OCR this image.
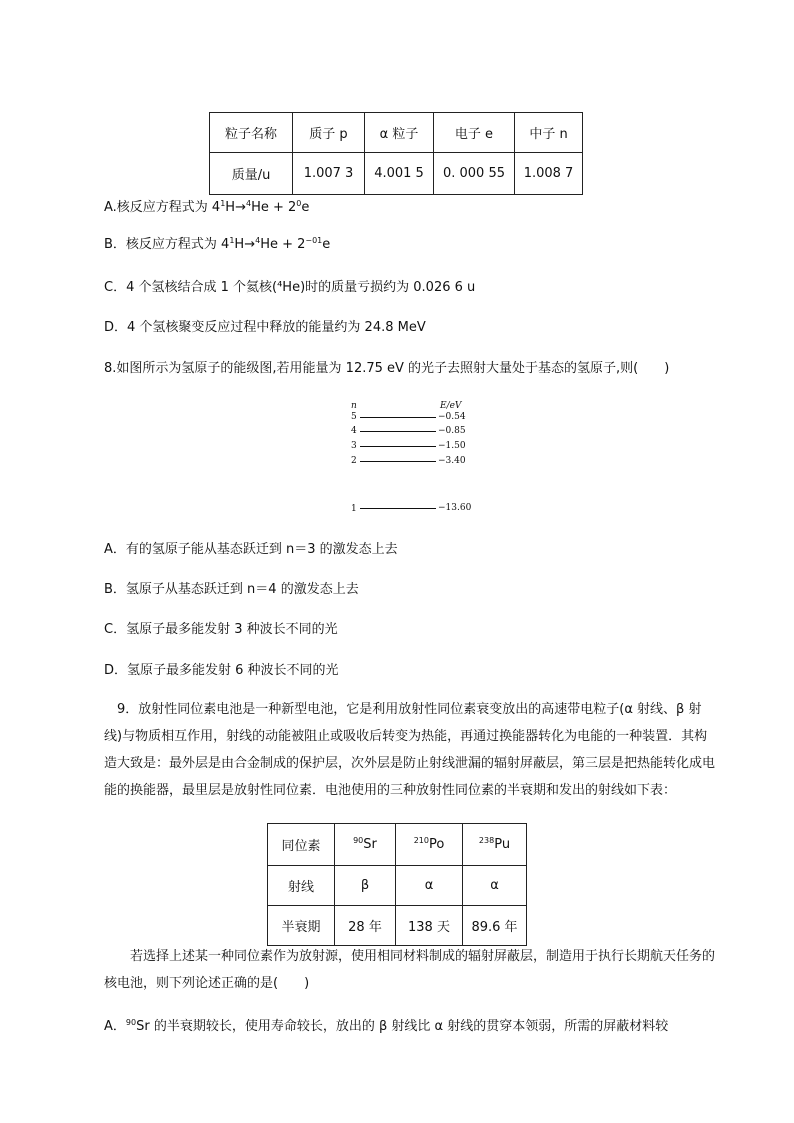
粒子名称	质子 p	α 粒子	电子 e	中子 n
质量/u	1.007 3	4.001 5	0. 000 55	1.008 7
A.核反应方程式为 $4^1H\to^4He + 2^0e$
B．核反应方程式为 $4^1H\to^4He + 2^{-01}e$
C．4 个氢核结合成 1 个氦核(⁴He)时的质量亏损约为 0.026 6 u
D．4 个氢核聚变反应过程中释放的能量约为 24.8 MeV
8.如图所示为氢原子的能级图,若用能量为 12.75 eV 的光子去照射大量处于基态的氢原子,则(　　)
n	E/eV
5	−0.54
4	−0.85
3	−1.50
2	−3.40
1	−13.60
A．有的氢原子能从基态跃迁到 n＝3 的激发态上去
B．氢原子从基态跃迁到 n＝4 的激发态上去
C．氢原子最多能发射 3 种波长不同的光
D．氢原子最多能发射 6 种波长不同的光
9．放射性同位素电池是一种新型电池，它是利用放射性同位素衰变放出的高速带电粒子(α 射线、β 射线)与物质相互作用，射线的动能被阻止或吸收后转变为热能，再通过换能器转化为电能的一种装置．其构造大致是：最外层是由合金制成的保护层，次外层是防止射线泄漏的辐射屏蔽层，第三层是把热能转化成电能的换能器，最里层是放射性同位素．电池使用的三种放射性同位素的半衰期和发出的射线如下表：
同位素	$^{90}$Sr	$^{210}$Po	$^{238}$Pu
射线	β	α	α
半衰期	28 年	138 天	89.6 年
若选择上述某一种同位素作为放射源，使用相同材料制成的辐射屏蔽层，制造用于执行长期航天任务的核电池，则下列论述正确的是(　　)
A．$^{90}$Sr 的半衰期较长，使用寿命较长，放出的 β 射线比 α 射线的贯穿本领弱，所需的屏蔽材料较
